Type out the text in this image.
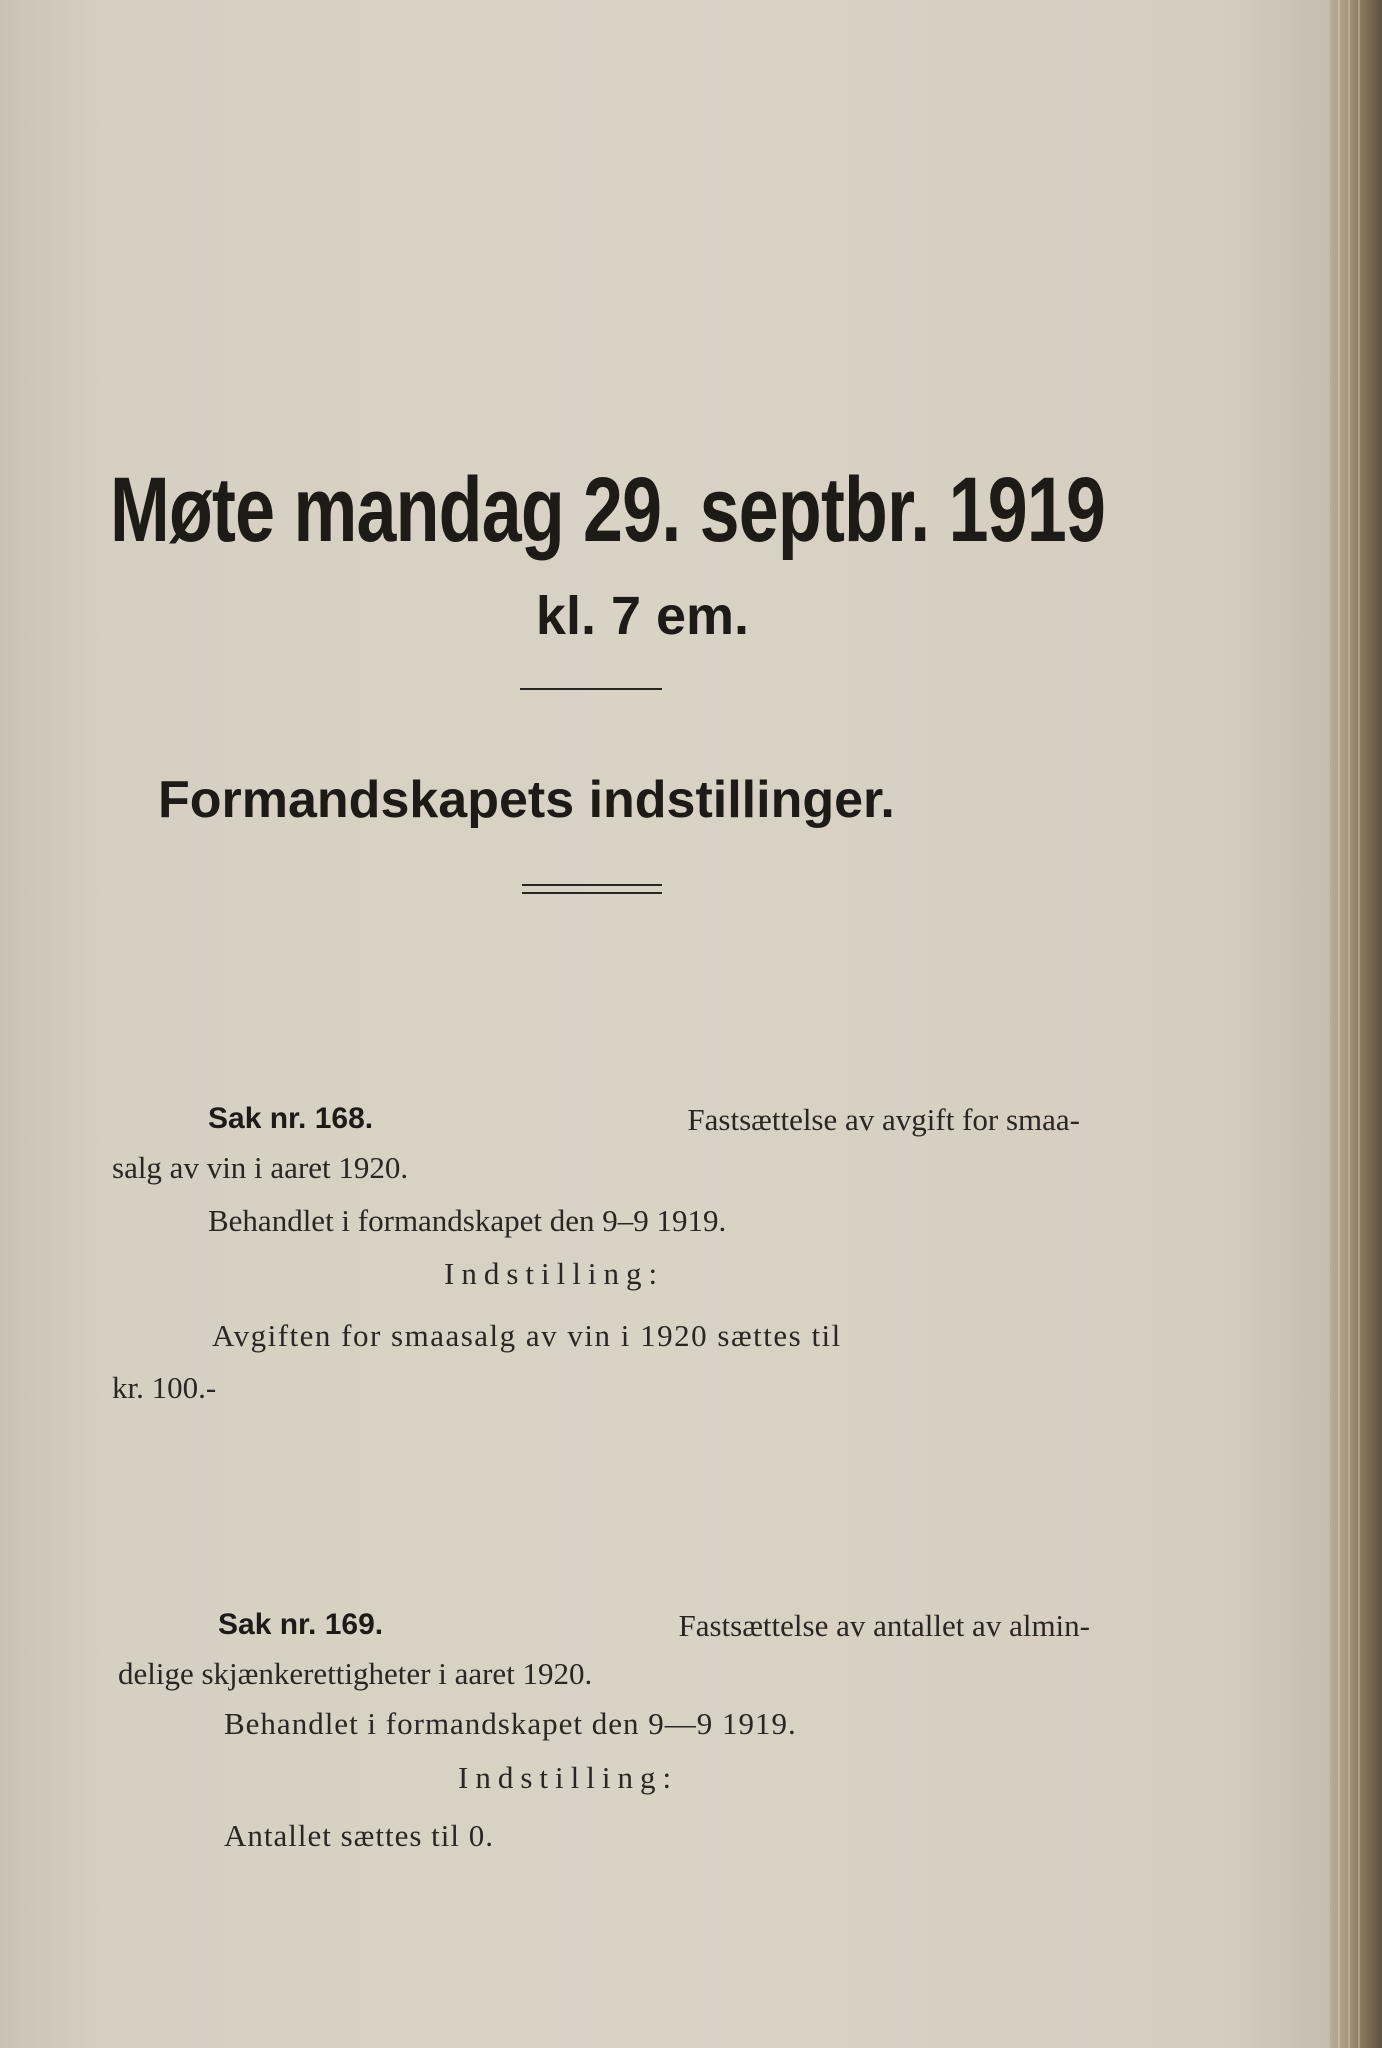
Møte mandag 29. septbr. 1919
kl. 7 em.
Formandskapets indstillinger.
Sak nr. 168.	Fastsættelse av avgift for smaa-
salg av vin i aaret 1920.
Behandlet i formandskapet den 9–9 1919.
Indstilling:
Avgiften for smaasalg av vin i 1920 sættes til
kr. 100.-
Sak nr. 169.	Fastsættelse av antallet av almin-
delige skjænkerettigheter i aaret 1920.
Behandlet i formandskapet den 9—9 1919.
Indstilling:
Antallet sættes til 0.
